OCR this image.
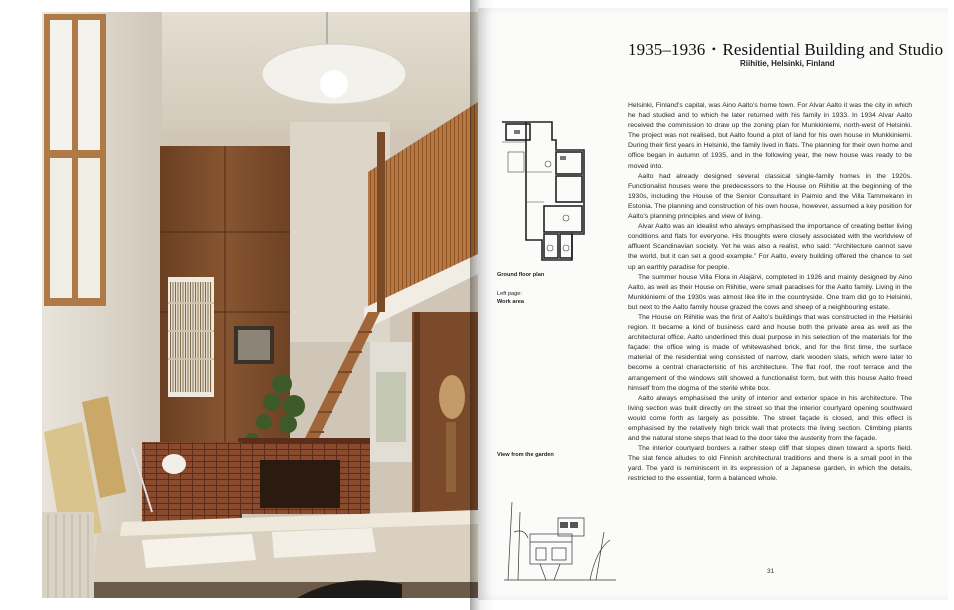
1935–1936 • Residential Building and Studio
Riihitie, Helsinki, Finland
Ground floor plan
Left page:
Work area
View from the garden

Helsinki, Finland’s capital, was Aino Aalto’s home town. For Alvar Aalto it was the city in which he had studied and to which he later returned with his family in 1933. In 1934 Alvar Aalto received the commission to draw up the zoning plan for Munkkiniemi, north-west of Helsinki. The project was not realised, but Aalto found a plot of land for his own house in Munkkiniemi. During their first years in Helsinki, the family lived in flats. The planning for their own home and office began in autumn of 1935, and in the following year, the new house was ready to be moved into.

Aalto had already designed several classical single-family homes in the 1920s. Functionalist houses were the predecessors to the House on Riihitie at the beginning of the 1930s, including the House of the Senior Consultant in Paimio and the Villa Tammekann in Estonia. The planning and construction of his own house, however, assumed a key position for Aalto’s planning principles and view of living.

Alvar Aalto was an idealist who always emphasised the importance of creating better living conditions and flats for everyone. His thoughts were closely associated with the worldview of affluent Scandinavian society. Yet he was also a realist, who said: “Architecture cannot save the world, but it can set a good example.” For Aalto, every building offered the chance to set up an earthly paradise for people.

The summer house Villa Flora in Alajärvi, completed in 1926 and mainly designed by Aino Aalto, as well as their House on Riihitie, were small paradises for the Aalto family. Living in the Munkkiniemi of the 1930s was almost like life in the countryside. One tram did go to Helsinki, but next to the Aalto family house grazed the cows and sheep of a neighbouring estate.

The House on Riihitie was the first of Aalto’s buildings that was constructed in the Helsinki region. It became a kind of business card and house both the private area as well as the architectural office. Aalto underlined this dual purpose in his selection of the materials for the façade: the office wing is made of whitewashed brick, and for the first time, the surface material of the residential wing consisted of narrow, dark wooden slats, which were later to become a central characteristic of his architecture. The flat roof, the roof terrace and the arrangement of the windows still showed a functionalist form, but with this house Aalto freed himself from the dogma of the sterile white box.

Aalto always emphasised the unity of interior and exterior space in his architecture. The living section was built directly on the street so that the interior courtyard opening southward would come forth as largely as possible. The street façade is closed, and this effect is emphasised by the relatively high brick wall that protects the living section. Climbing plants and the natural stone steps that lead to the door take the austerity from the façade.

The interior courtyard borders a rather steep cliff that slopes down toward a sports field. The slat fence alludes to old Finnish architectural traditions and there is a small pool in the yard. The yard is reminiscent in its expression of a Japanese garden, in which the details, restricted to the essential, form a balanced whole.

31
